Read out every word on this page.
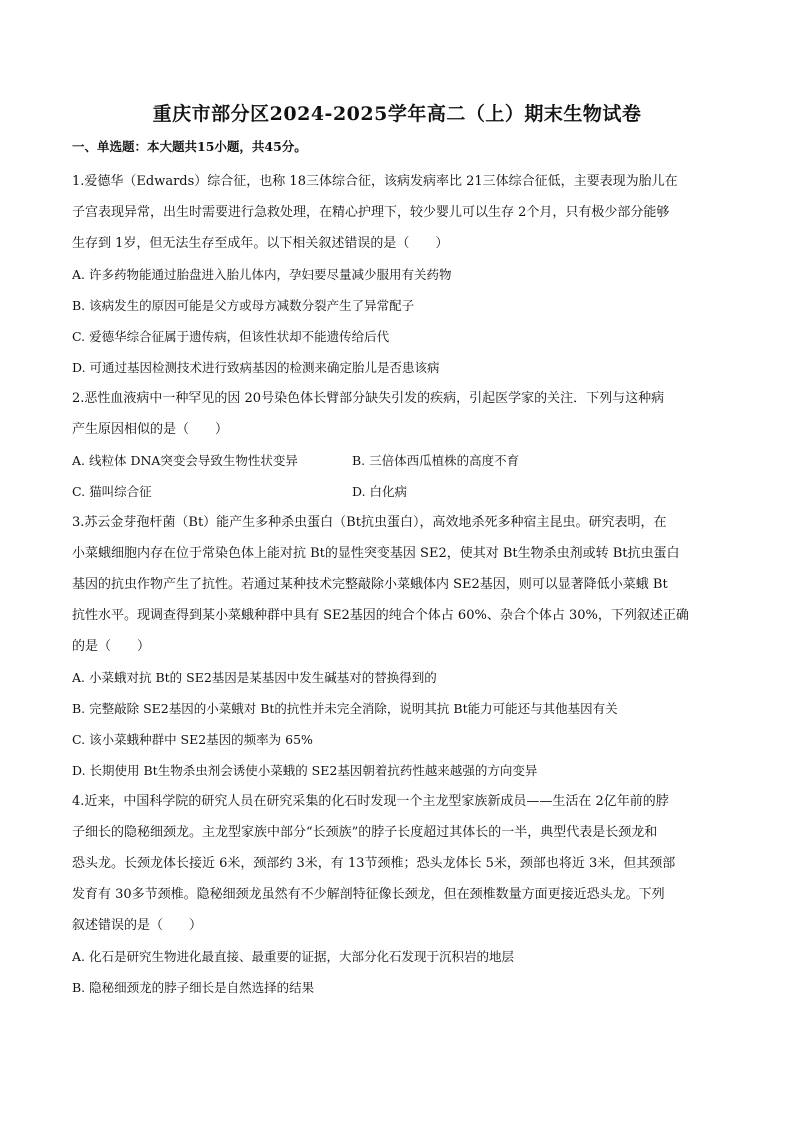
重庆市部分区2024-2025学年高二（上）期末生物试卷
一、单选题：本大题共15小题，共45分。

1.爱德华（Edwards）综合征，也称 18三体综合征，该病发病率比 21三体综合征低，主要表现为胎儿在

子宫表现异常，出生时需要进行急救处理，在精心护理下，较少婴儿可以生存 2个月，只有极少部分能够

生存到 1岁，但无法生存至成年。以下相关叙述错误的是（　　）

A. 许多药物能通过胎盘进入胎儿体内，孕妇要尽量减少服用有关药物

B. 该病发生的原因可能是父方或母方减数分裂产生了异常配子

C. 爱德华综合征属于遗传病，但该性状却不能遗传给后代

D. 可通过基因检测技术进行致病基因的检测来确定胎儿是否患该病

2.恶性血液病中一种罕见的因 20号染色体长臂部分缺失引发的疾病，引起医学家的关注．下列与这种病

产生原因相似的是（　　）

A. 线粒体 DNA突变会导致生物性状变异	B. 三倍体西瓜植株的高度不育
C. 猫叫综合征	D. 白化病

3.苏云金芽孢杆菌（Bt）能产生多种杀虫蛋白（Bt抗虫蛋白），高效地杀死多种宿主昆虫。研究表明，在

小菜蛾细胞内存在位于常染色体上能对抗 Bt的显性突变基因 SE2，使其对 Bt生物杀虫剂或转 Bt抗虫蛋白

基因的抗虫作物产生了抗性。若通过某种技术完整敲除小菜蛾体内 SE2基因，则可以显著降低小菜蛾 Bt

抗性水平。现调查得到某小菜蛾种群中具有 SE2基因的纯合个体占 60%、杂合个体占 30%，下列叙述正确

的是（　　）

A. 小菜蛾对抗 Bt的 SE2基因是某基因中发生碱基对的替换得到的

B. 完整敲除 SE2基因的小菜蛾对 Bt的抗性并未完全消除，说明其抗 Bt能力可能还与其他基因有关

C. 该小菜蛾种群中 SE2基因的频率为 65%

D. 长期使用 Bt生物杀虫剂会诱使小菜蛾的 SE2基因朝着抗药性越来越强的方向变异

4.近来，中国科学院的研究人员在研究采集的化石时发现一个主龙型家族新成员——生活在 2亿年前的脖

子细长的隐秘细颈龙。主龙型家族中部分“长颈族”的脖子长度超过其体长的一半，典型代表是长颈龙和

恐头龙。长颈龙体长接近 6米，颈部约 3米，有 13节颈椎；恐头龙体长 5米，颈部也将近 3米，但其颈部

发育有 30多节颈椎。隐秘细颈龙虽然有不少解剖特征像长颈龙，但在颈椎数量方面更接近恐头龙。下列

叙述错误的是（　　）

A. 化石是研究生物进化最直接、最重要的证据，大部分化石发现于沉积岩的地层

B. 隐秘细颈龙的脖子细长是自然选择的结果
